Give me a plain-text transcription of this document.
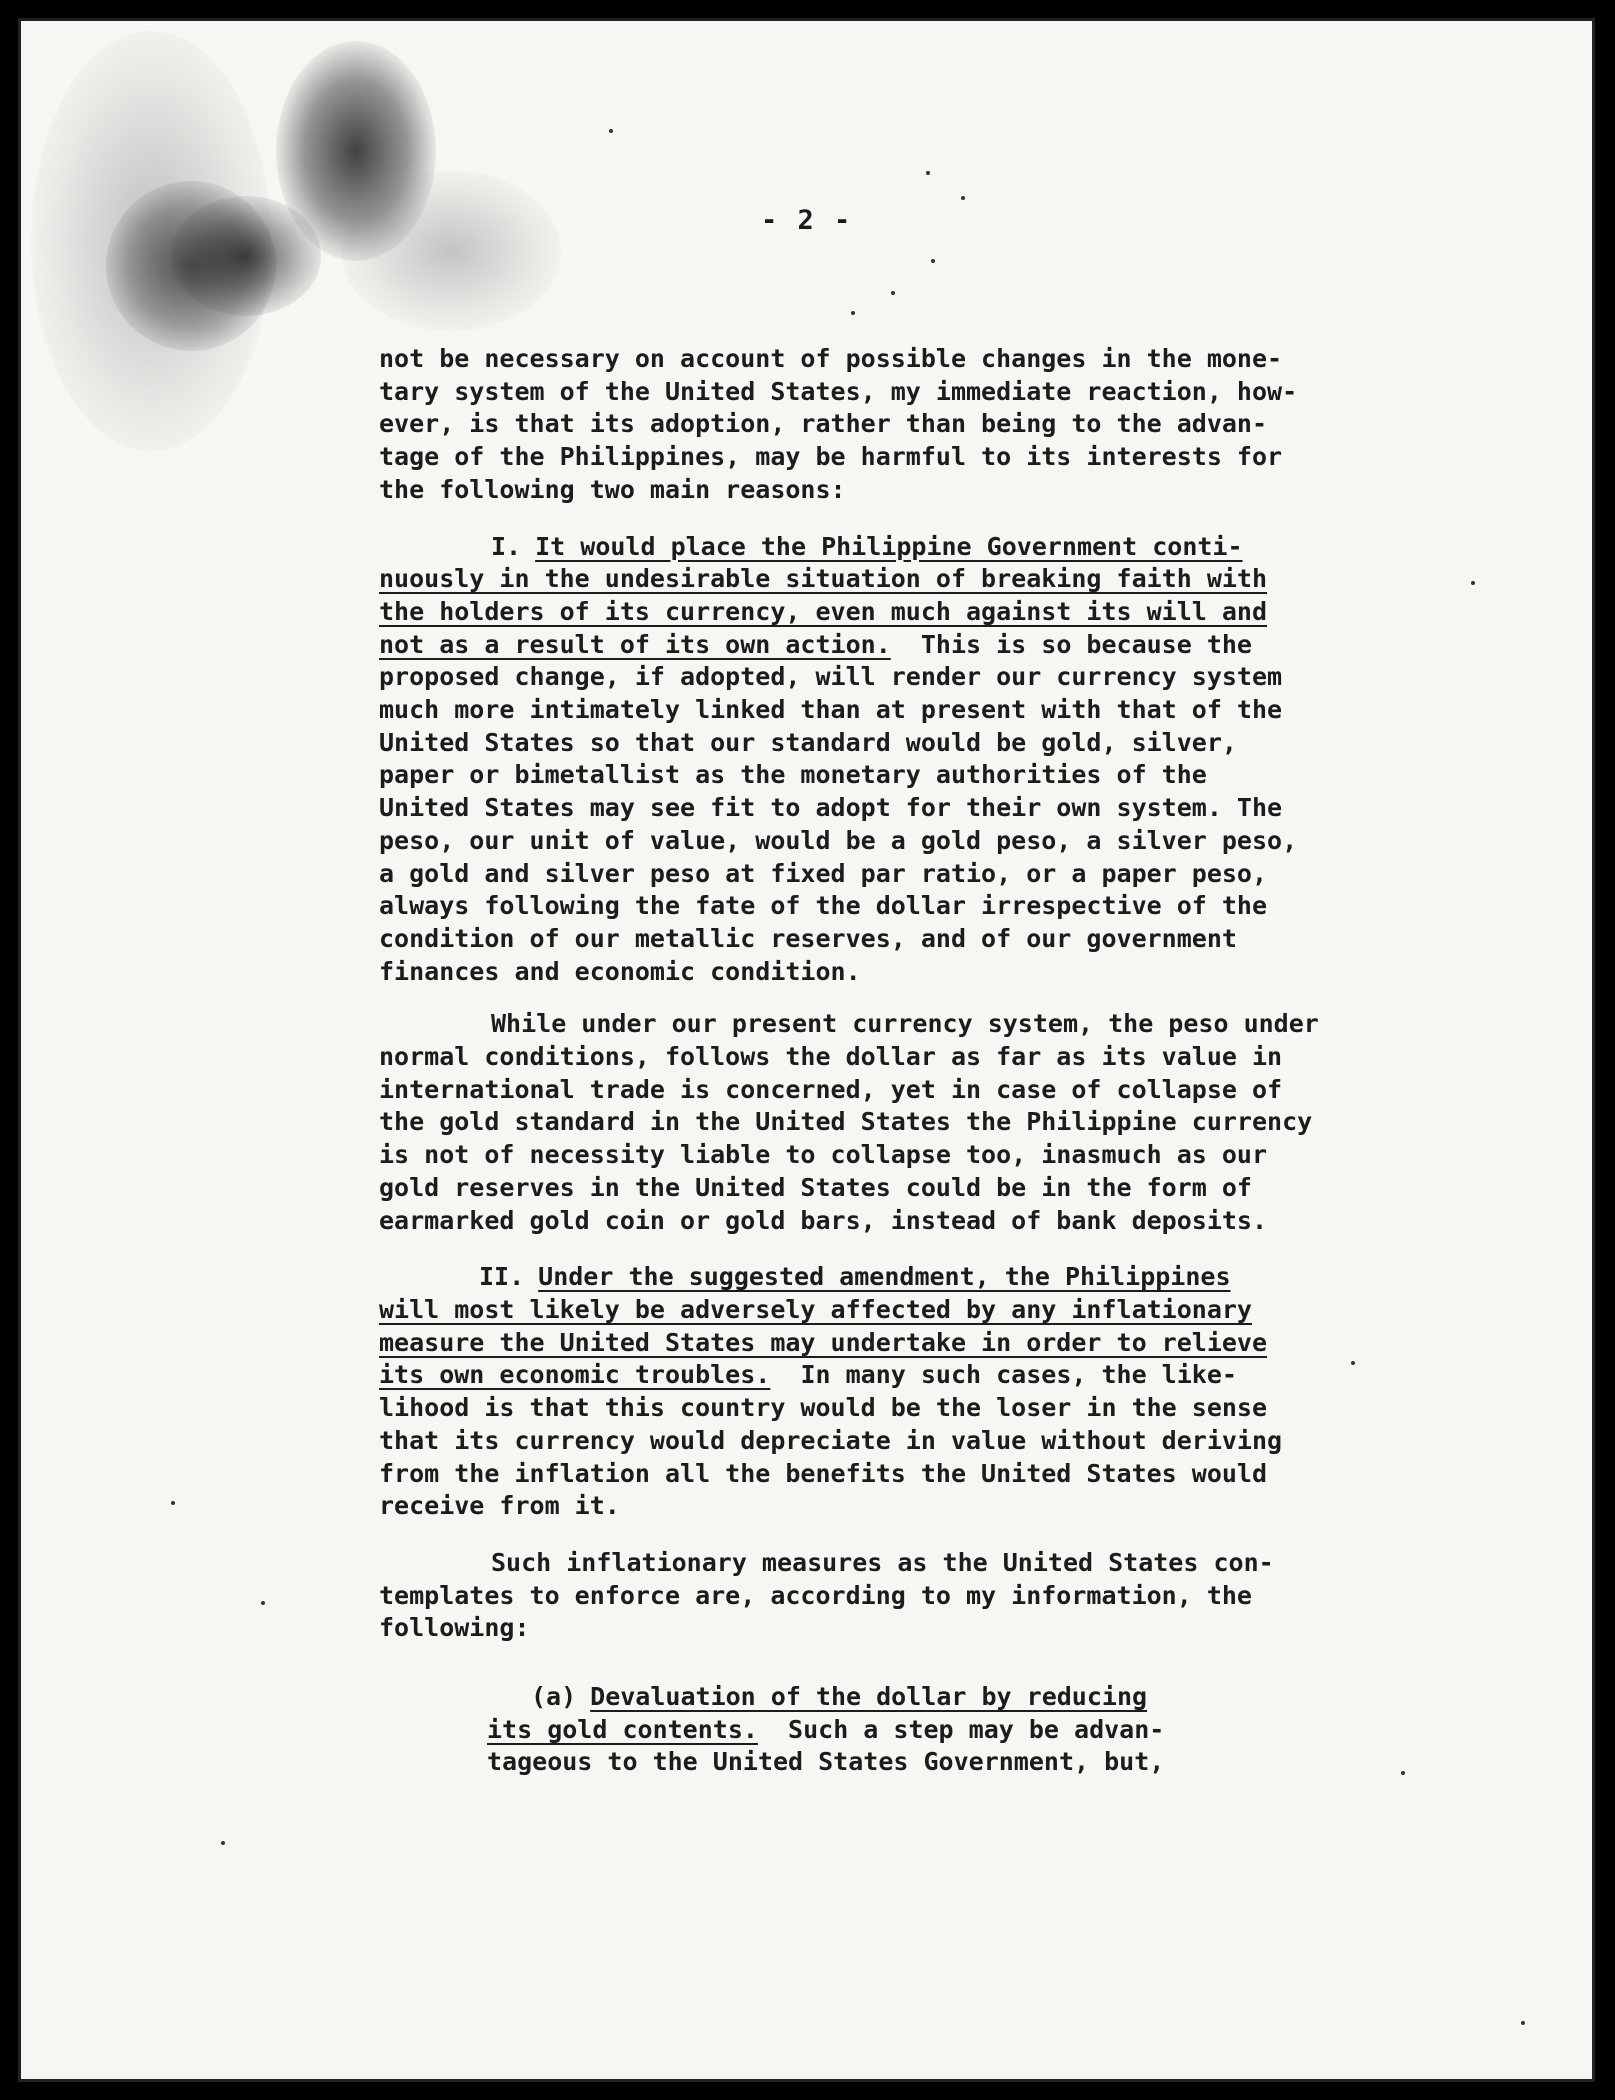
- 2 -

not be necessary on account of possible changes in the mone-
tary system of the United States, my immediate reaction, how-
ever, is that its adoption, rather than being to the advan-
tage of the Philippines, may be harmful to its interests for
the following two main reasons:

I. It would place the Philippine Government conti-
nuously in the undesirable situation of breaking faith with
the holders of its currency, even much against its will and
not as a result of its own action. This is so because the
proposed change, if adopted, will render our currency system
much more intimately linked than at present with that of the
United States so that our standard would be gold, silver,
paper or bimetallist as the monetary authorities of the
United States may see fit to adopt for their own system. The
peso, our unit of value, would be a gold peso, a silver peso,
a gold and silver peso at fixed par ratio, or a paper peso,
always following the fate of the dollar irrespective of the
condition of our metallic reserves, and of our government
finances and economic condition.

While under our present currency system, the peso under
normal conditions, follows the dollar as far as its value in
international trade is concerned, yet in case of collapse of
the gold standard in the United States the Philippine currency
is not of necessity liable to collapse too, inasmuch as our
gold reserves in the United States could be in the form of
earmarked gold coin or gold bars, instead of bank deposits.

II. Under the suggested amendment, the Philippines
will most likely be adversely affected by any inflationary
measure the United States may undertake in order to relieve
its own economic troubles. In many such cases, the like-
lihood is that this country would be the loser in the sense
that its currency would depreciate in value without deriving
from the inflation all the benefits the United States would
receive from it.

Such inflationary measures as the United States con-
templates to enforce are, according to my information, the
following:

(a) Devaluation of the dollar by reducing
its gold contents. Such a step may be advan-
tageous to the United States Government, but,
